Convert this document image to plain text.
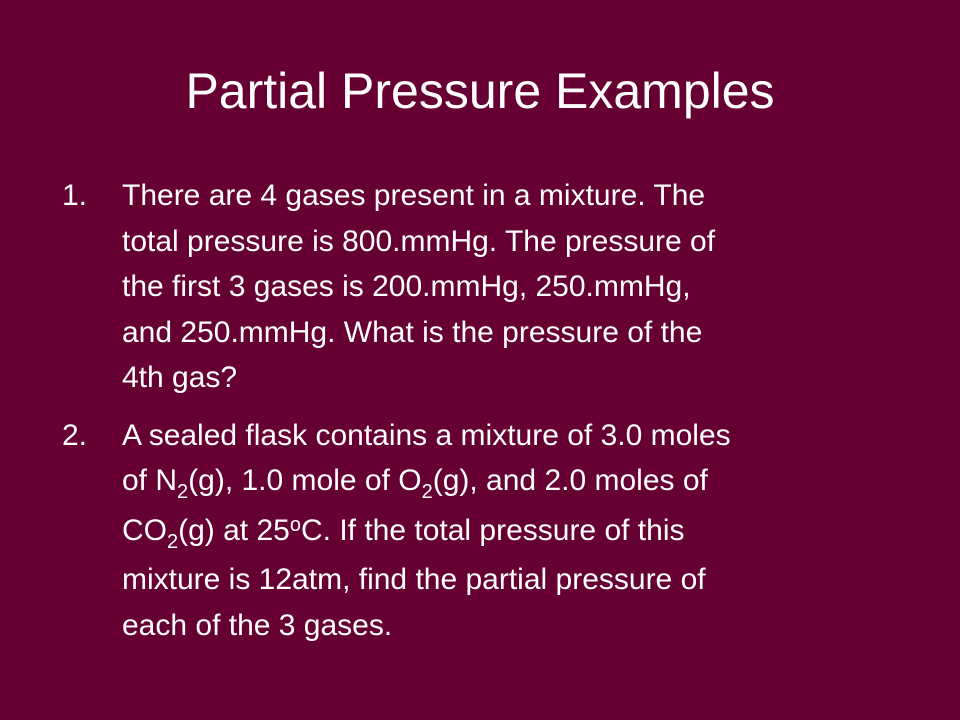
Partial Pressure Examples
1. There are 4 gases present in a mixture. The
total pressure is 800.mmHg. The pressure of
the first 3 gases is 200.mmHg, 250.mmHg,
and 250.mmHg. What is the pressure of the
4th gas?
2. A sealed flask contains a mixture of 3.0 moles
of $N_2(g)$, 1.0 mole of $O_2(g)$, and 2.0 moles of
$CO_2(g)$ at 25$^o$C. If the total pressure of this
mixture is 12atm, find the partial pressure of
each of the 3 gases.
